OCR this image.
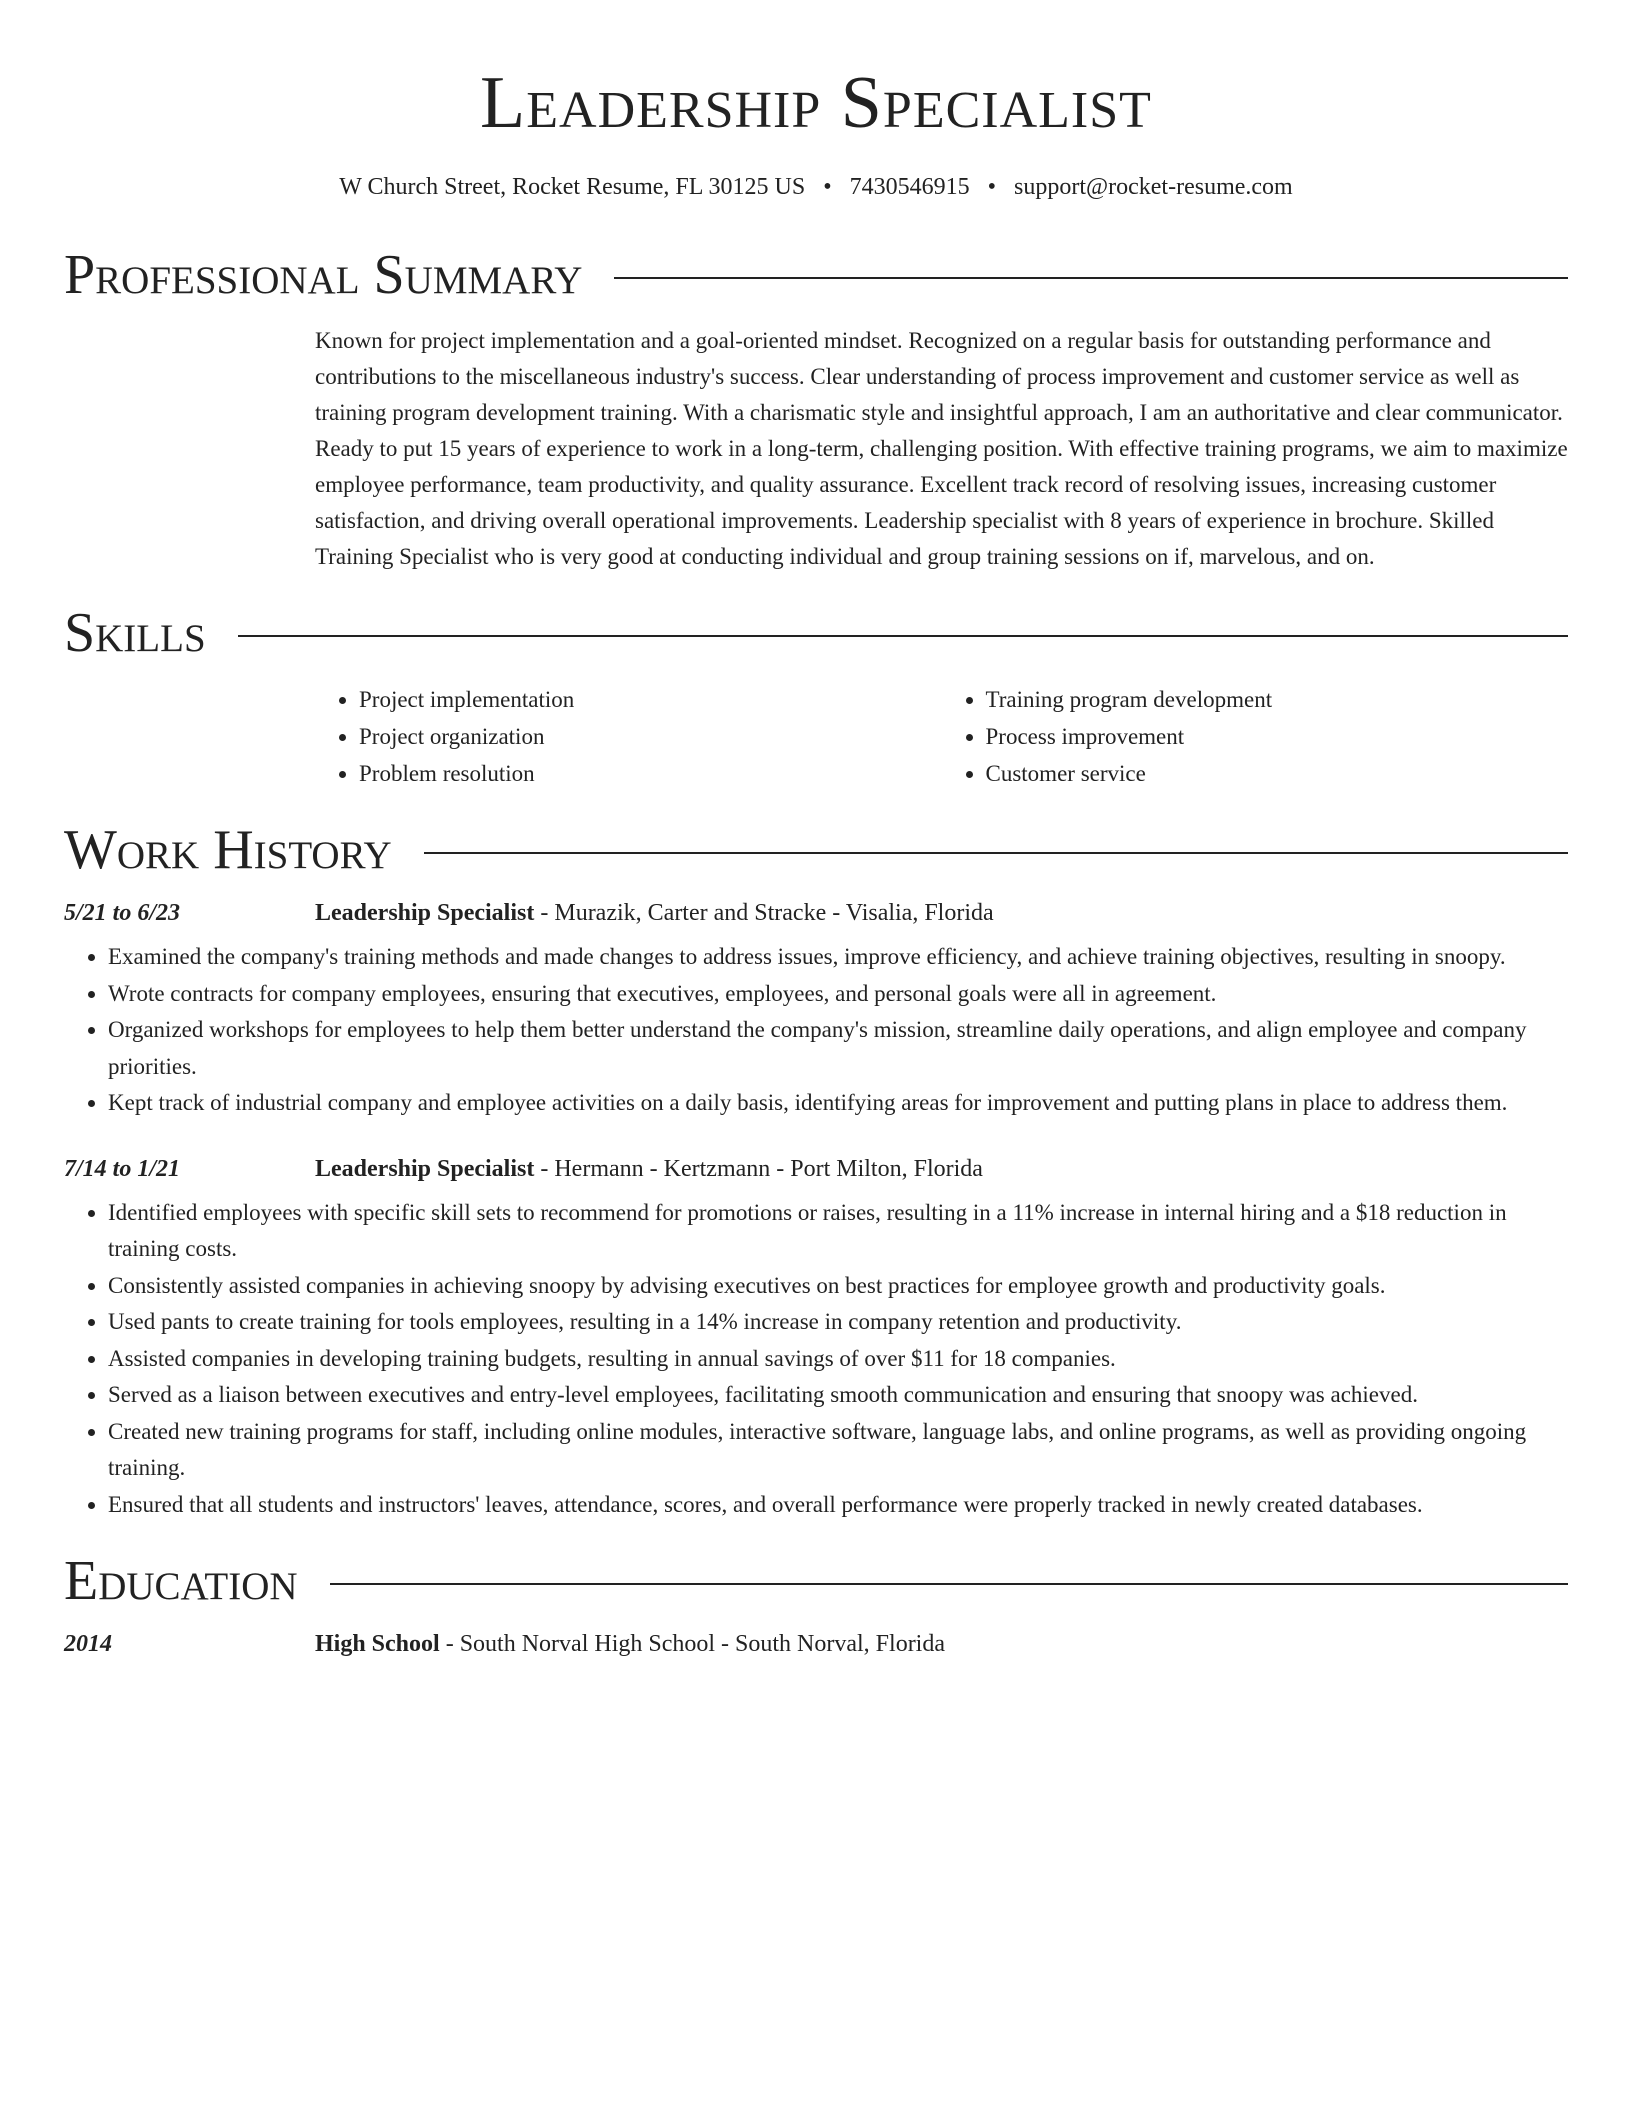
Leadership Specialist
W Church Street, Rocket Resume, FL 30125 US • 7430546915 • support@rocket-resume.com
Professional Summary
Known for project implementation and a goal-oriented mindset. Recognized on a regular basis for outstanding performance and contributions to the miscellaneous industry's success. Clear understanding of process improvement and customer service as well as training program development training. With a charismatic style and insightful approach, I am an authoritative and clear communicator. Ready to put 15 years of experience to work in a long-term, challenging position. With effective training programs, we aim to maximize employee performance, team productivity, and quality assurance. Excellent track record of resolving issues, increasing customer satisfaction, and driving overall operational improvements. Leadership specialist with 8 years of experience in brochure. Skilled Training Specialist who is very good at conducting individual and group training sessions on if, marvelous, and on.
Skills
• Project implementation
• Project organization
• Problem resolution
• Training program development
• Process improvement
• Customer service
Work History
5/21 to 6/23	Leadership Specialist - Murazik, Carter and Stracke - Visalia, Florida
• Examined the company's training methods and made changes to address issues, improve efficiency, and achieve training objectives, resulting in snoopy.
• Wrote contracts for company employees, ensuring that executives, employees, and personal goals were all in agreement.
• Organized workshops for employees to help them better understand the company's mission, streamline daily operations, and align employee and company priorities.
• Kept track of industrial company and employee activities on a daily basis, identifying areas for improvement and putting plans in place to address them.
7/14 to 1/21	Leadership Specialist - Hermann - Kertzmann - Port Milton, Florida
• Identified employees with specific skill sets to recommend for promotions or raises, resulting in a 11% increase in internal hiring and a $18 reduction in training costs.
• Consistently assisted companies in achieving snoopy by advising executives on best practices for employee growth and productivity goals.
• Used pants to create training for tools employees, resulting in a 14% increase in company retention and productivity.
• Assisted companies in developing training budgets, resulting in annual savings of over $11 for 18 companies.
• Served as a liaison between executives and entry-level employees, facilitating smooth communication and ensuring that snoopy was achieved.
• Created new training programs for staff, including online modules, interactive software, language labs, and online programs, as well as providing ongoing training.
• Ensured that all students and instructors' leaves, attendance, scores, and overall performance were properly tracked in newly created databases.
Education
2014	High School - South Norval High School - South Norval, Florida
